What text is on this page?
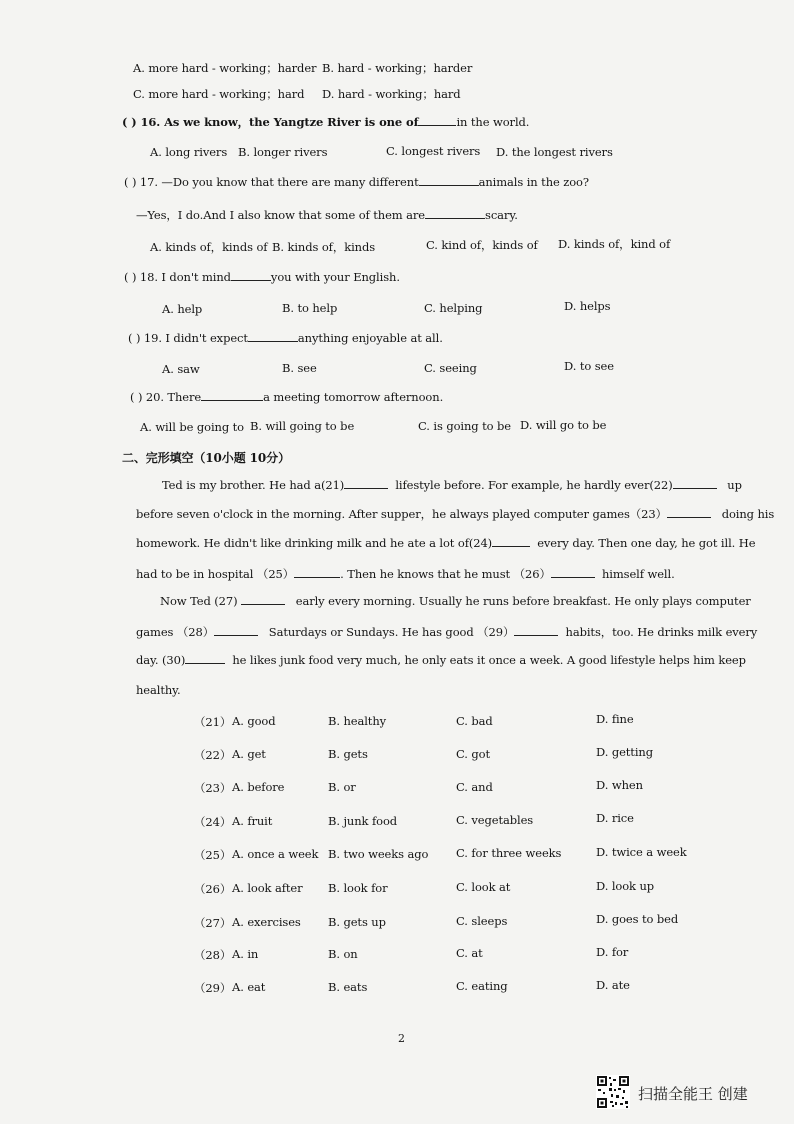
A. more hard - working；harder B. hard - working；harder
C. more hard - working；hard D. hard - working；hard
( ) 16. As we know，the Yangtze River is one of	in the world.
A. long rivers B. longer rivers	C. longest rivers D. the longest rivers
( ) 17. —Do you know that there are many different	animals in the zoo?
—Yes，I do.And I also know that some of them are	scary.
A. kinds of，kinds of B. kinds of，kinds	C. kind of，kinds of D. kinds of，kind of
( ) 18. I don't mind	you with your English.
A. help	B. to help	C. helping	D. helps
( ) 19. I didn't expect	anything enjoyable at all.
A. saw	B. see	C. seeing	D. to see
( ) 20. There	a meeting tomorrow afternoon.
A. will be going to B. will going to be	C. is going to be D. will go to be
二、完形填空（10小题 10分）
Ted is my brother. He had a(21)	lifestyle before. For example, he hardly ever(22)	up
before seven o'clock in the morning. After supper，he always played computer games（23）	doing his
homework. He didn't like drinking milk and he ate a lot of(24)	every day. Then one day, he got ill. He
had to be in hospital （25）	. Then he knows that he must （26）	himself well.
Now Ted (27)	early every morning. Usually he runs before breakfast. He only plays computer
games （28）	Saturdays or Sundays. He has good （29）	habits，too. He drinks milk every
day. (30)	he likes junk food very much, he only eats it once a week. A good lifestyle helps him keep
healthy.
（21） A. good	B. healthy	C. bad	D. fine
（22） A. get	B. gets	C. got	D. getting
（23） A. before	B. or	C. and	D. when
（24） A. fruit	B. junk food	C. vegetables	D. rice
（25） A. once a week B. two weeks ago C. for three weeks	D. twice a week
（26） A. look after B. look for	C. look at	D. look up
（27） A. exercises B. gets up	C. sleeps	D. goes to bed
（28） A. in	B. on	C. at	D. for
（29） A. eat	B. eats	C. eating	D. ate
2
扫描全能王 创建
